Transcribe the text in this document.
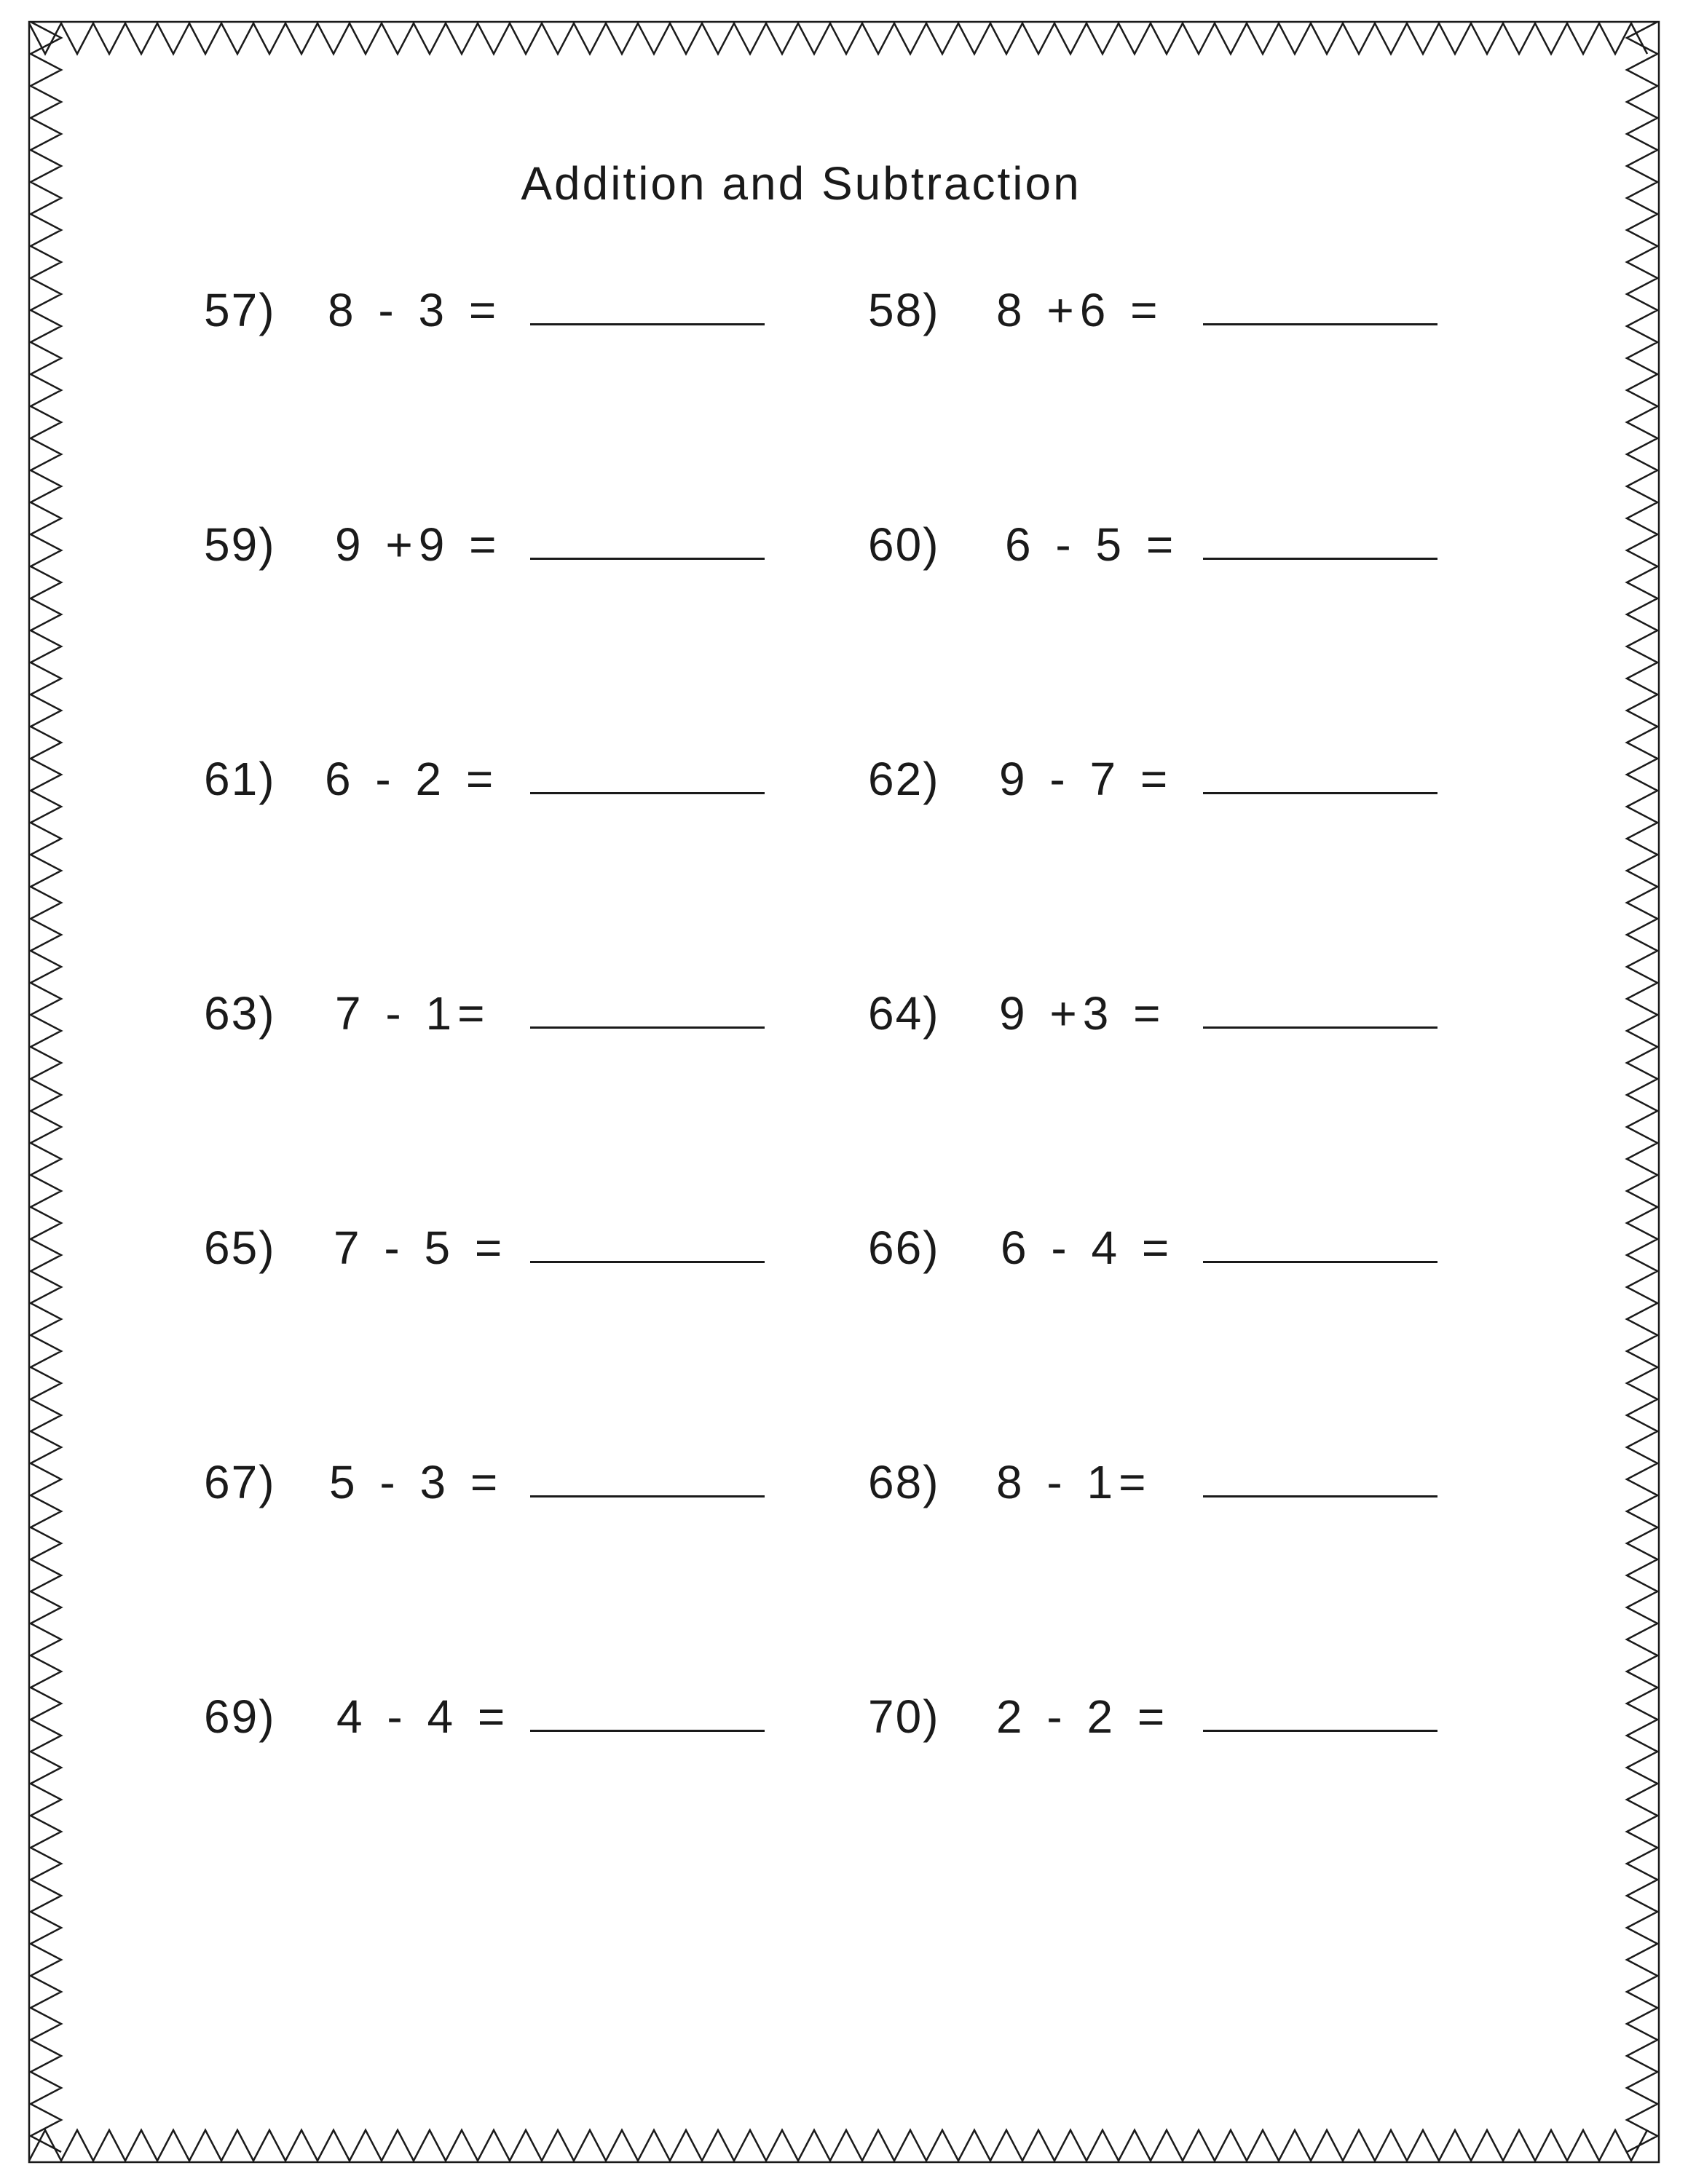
Addition and Subtraction
57) 8 - 3 =	58) 8 +6 =
59) 9 +9 =	60) 6 - 5 =
61) 6 - 2 =	62) 9 - 7 =
63) 7 - 1=	64) 9 +3 =
65) 7 - 5 =	66) 6 - 4 =
67) 5 - 3 =	68) 8 - 1=
69) 4 - 4 =	70) 2 - 2 =
